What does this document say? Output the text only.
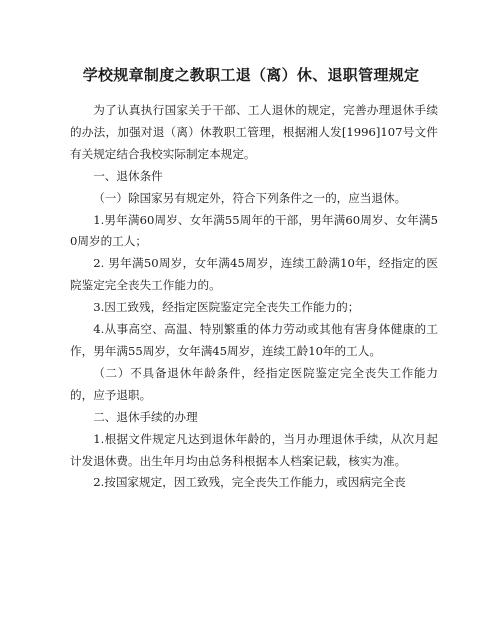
学校规章制度之教职工退（离）休、退职管理规定

为了认真执行国家关于干部、工人退休的规定，完善办理退休手续的办法，加强对退（离）休教职工管理，根据湘人发[1996]107号文件有关规定结合我校实际制定本规定。

一、退休条件

（一）除国家另有规定外，符合下列条件之一的，应当退休。

1.男年满60周岁、女年满55周年的干部，男年满60周岁、女年满50周岁的工人；

2. 男年满50周岁，女年满45周岁，连续工龄满10年，经指定的医院鉴定完全丧失工作能力的。

3.因工致残，经指定医院鉴定完全丧失工作能力的；

4.从事高空、高温、特别繁重的体力劳动或其他有害身体健康的工作，男年满55周岁，女年满45周岁，连续工龄10年的工人。

（二）不具备退休年龄条件，经指定医院鉴定完全丧失工作能力的，应予退职。

二、退休手续的办理

1.根据文件规定凡达到退休年龄的，当月办理退休手续，从次月起计发退休费。出生年月均由总务科根据本人档案记载，核实为准。

2.按国家规定，因工致残，完全丧失工作能力，或因病完全丧
